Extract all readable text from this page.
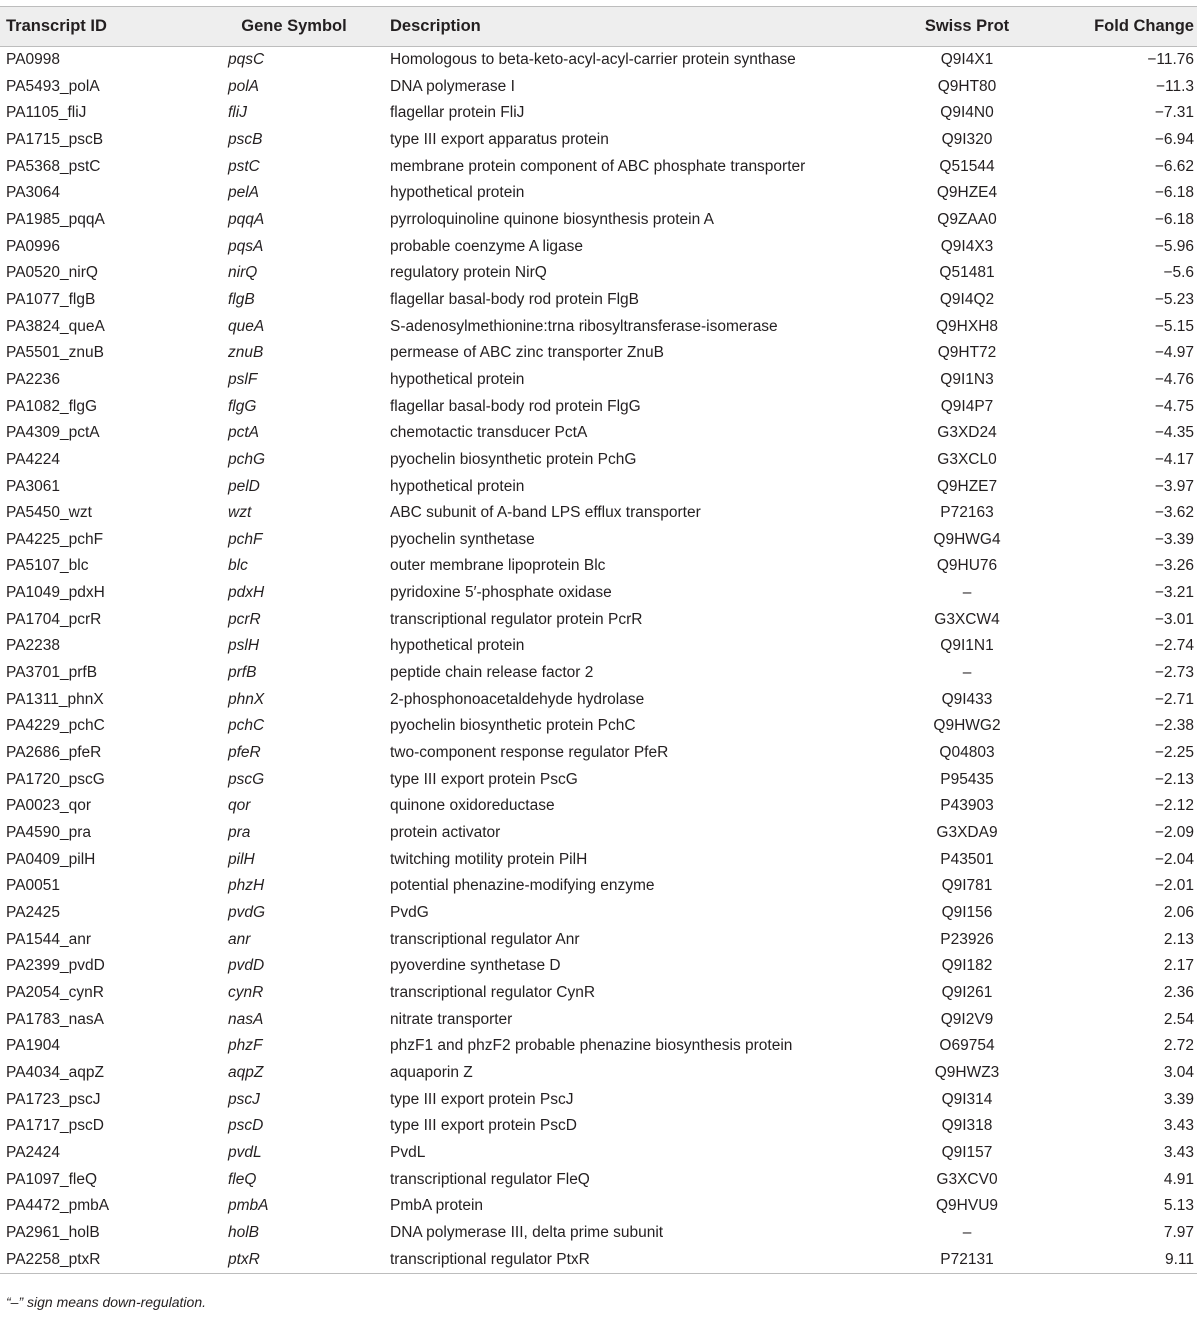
Transcript ID	Gene Symbol	Description	Swiss Prot	Fold Change
PA0998	pqsC	Homologous to beta-keto-acyl-acyl-carrier protein synthase	Q9I4X1	−11.76
PA5493_polA	polA	DNA polymerase I	Q9HT80	−11.3
PA1105_fliJ	fliJ	flagellar protein FliJ	Q9I4N0	−7.31
PA1715_pscB	pscB	type III export apparatus protein	Q9I320	−6.94
PA5368_pstC	pstC	membrane protein component of ABC phosphate transporter	Q51544	−6.62
PA3064	pelA	hypothetical protein	Q9HZE4	−6.18
PA1985_pqqA	pqqA	pyrroloquinoline quinone biosynthesis protein A	Q9ZAA0	−6.18
PA0996	pqsA	probable coenzyme A ligase	Q9I4X3	−5.96
PA0520_nirQ	nirQ	regulatory protein NirQ	Q51481	−5.6
PA1077_flgB	flgB	flagellar basal-body rod protein FlgB	Q9I4Q2	−5.23
PA3824_queA	queA	S-adenosylmethionine:trna ribosyltransferase-isomerase	Q9HXH8	−5.15
PA5501_znuB	znuB	permease of ABC zinc transporter ZnuB	Q9HT72	−4.97
PA2236	pslF	hypothetical protein	Q9I1N3	−4.76
PA1082_flgG	flgG	flagellar basal-body rod protein FlgG	Q9I4P7	−4.75
PA4309_pctA	pctA	chemotactic transducer PctA	G3XD24	−4.35
PA4224	pchG	pyochelin biosynthetic protein PchG	G3XCL0	−4.17
PA3061	pelD	hypothetical protein	Q9HZE7	−3.97
PA5450_wzt	wzt	ABC subunit of A-band LPS efflux transporter	P72163	−3.62
PA4225_pchF	pchF	pyochelin synthetase	Q9HWG4	−3.39
PA5107_blc	blc	outer membrane lipoprotein Blc	Q9HU76	−3.26
PA1049_pdxH	pdxH	pyridoxine 5′-phosphate oxidase	–	−3.21
PA1704_pcrR	pcrR	transcriptional regulator protein PcrR	G3XCW4	−3.01
PA2238	pslH	hypothetical protein	Q9I1N1	−2.74
PA3701_prfB	prfB	peptide chain release factor 2	–	−2.73
PA1311_phnX	phnX	2-phosphonoacetaldehyde hydrolase	Q9I433	−2.71
PA4229_pchC	pchC	pyochelin biosynthetic protein PchC	Q9HWG2	−2.38
PA2686_pfeR	pfeR	two-component response regulator PfeR	Q04803	−2.25
PA1720_pscG	pscG	type III export protein PscG	P95435	−2.13
PA0023_qor	qor	quinone oxidoreductase	P43903	−2.12
PA4590_pra	pra	protein activator	G3XDA9	−2.09
PA0409_pilH	pilH	twitching motility protein PilH	P43501	−2.04
PA0051	phzH	potential phenazine-modifying enzyme	Q9I781	−2.01
PA2425	pvdG	PvdG	Q9I156	2.06
PA1544_anr	anr	transcriptional regulator Anr	P23926	2.13
PA2399_pvdD	pvdD	pyoverdine synthetase D	Q9I182	2.17
PA2054_cynR	cynR	transcriptional regulator CynR	Q9I261	2.36
PA1783_nasA	nasA	nitrate transporter	Q9I2V9	2.54
PA1904	phzF	phzF1 and phzF2 probable phenazine biosynthesis protein	O69754	2.72
PA4034_aqpZ	aqpZ	aquaporin Z	Q9HWZ3	3.04
PA1723_pscJ	pscJ	type III export protein PscJ	Q9I314	3.39
PA1717_pscD	pscD	type III export protein PscD	Q9I318	3.43
PA2424	pvdL	PvdL	Q9I157	3.43
PA1097_fleQ	fleQ	transcriptional regulator FleQ	G3XCV0	4.91
PA4472_pmbA	pmbA	PmbA protein	Q9HVU9	5.13
PA2961_holB	holB	DNA polymerase III, delta prime subunit	–	7.97
PA2258_ptxR	ptxR	transcriptional regulator PtxR	P72131	9.11
“–” sign means down-regulation.
